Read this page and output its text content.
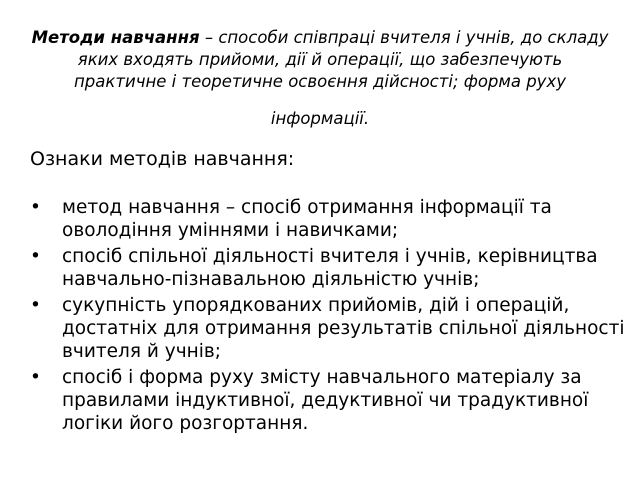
Методи навчання – способи співпраці вчителя і учнів, до складу яких входять прийоми, дії й операції, що забезпечують практичне і теоретичне освоєння дійсності; форма руху
інформації.
Ознаки методів навчання:
•	метод навчання – спосіб отримання інформації та оволодіння уміннями і навичками;
•	спосіб спільної діяльності вчителя і учнів, керівництва навчально-пізнавальною діяльністю учнів;
•	сукупність упорядкованих прийомів, дій і операцій, достатніх для отримання результатів спільної діяльності вчителя й учнів;
•	спосіб і форма руху змісту навчального матеріалу за правилами індуктивної, дедуктивної чи традуктивної логіки його розгортання.
